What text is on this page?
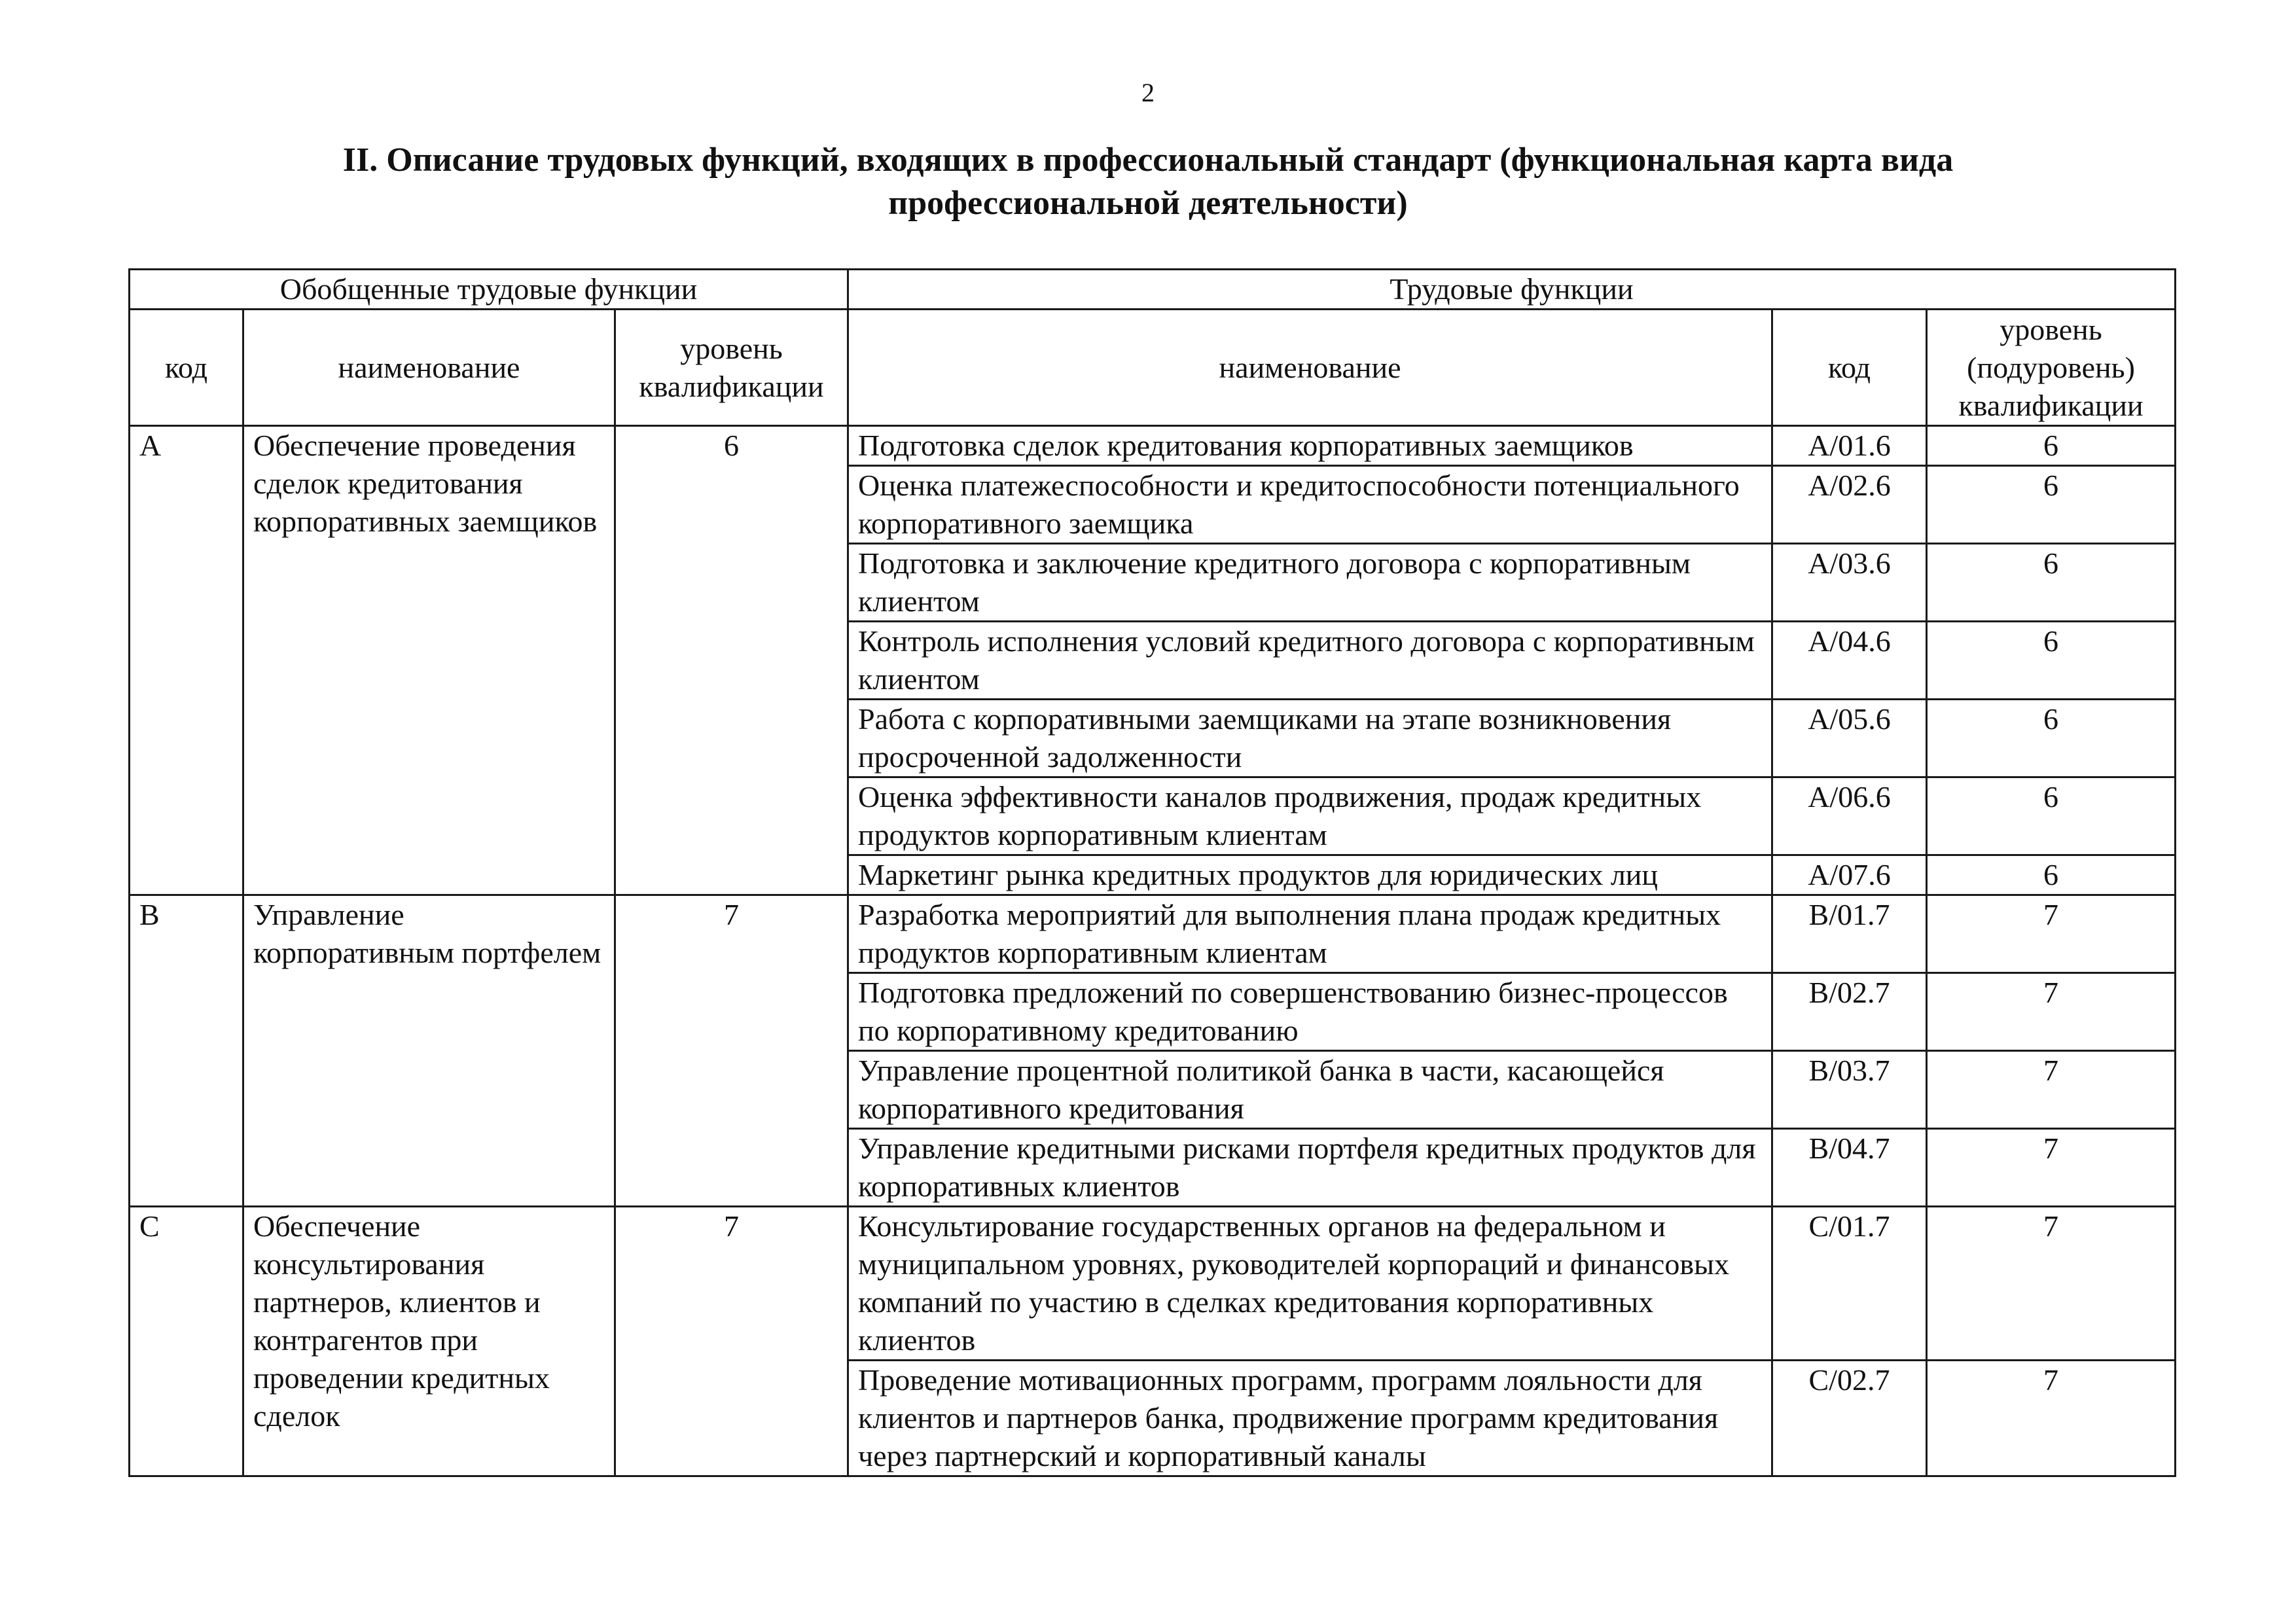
2
II. Описание трудовых функций, входящих в профессиональный стандарт (функциональная карта вида профессиональной деятельности)
Обобщенные трудовые функции			Трудовые функции		
код	наименование	уровень квалификации	наименование	код	уровень (подуровень) квалификации
A	Обеспечение проведения сделок кредитования корпоративных заемщиков	6	Подготовка сделок кредитования корпоративных заемщиков	A/01.6	6
			Оценка платежеспособности и кредитоспособности потенциального корпоративного заемщика	A/02.6	6
			Подготовка и заключение кредитного договора с корпоративным клиентом	A/03.6	6
			Контроль исполнения условий кредитного договора с корпоративным клиентом	A/04.6	6
			Работа с корпоративными заемщиками на этапе возникновения просроченной задолженности	A/05.6	6
			Оценка эффективности каналов продвижения, продаж кредитных продуктов корпоративным клиентам	A/06.6	6
			Маркетинг рынка кредитных продуктов для юридических лиц	A/07.6	6
B	Управление корпоративным портфелем	7	Разработка мероприятий для выполнения плана продаж кредитных продуктов корпоративным клиентам	B/01.7	7
			Подготовка предложений по совершенствованию бизнес-процессов по корпоративному кредитованию	B/02.7	7
			Управление процентной политикой банка в части, касающейся корпоративного кредитования	B/03.7	7
			Управление кредитными рисками портфеля кредитных продуктов для корпоративных клиентов	B/04.7	7
C	Обеспечение консультирования партнеров, клиентов и контрагентов при проведении кредитных сделок	7	Консультирование государственных органов на федеральном и муниципальном уровнях, руководителей корпораций и финансовых компаний по участию в сделках кредитования корпоративных клиентов	C/01.7	7
			Проведение мотивационных программ, программ лояльности для клиентов и партнеров банка, продвижение программ кредитования через партнерский и корпоративный каналы	C/02.7	7
